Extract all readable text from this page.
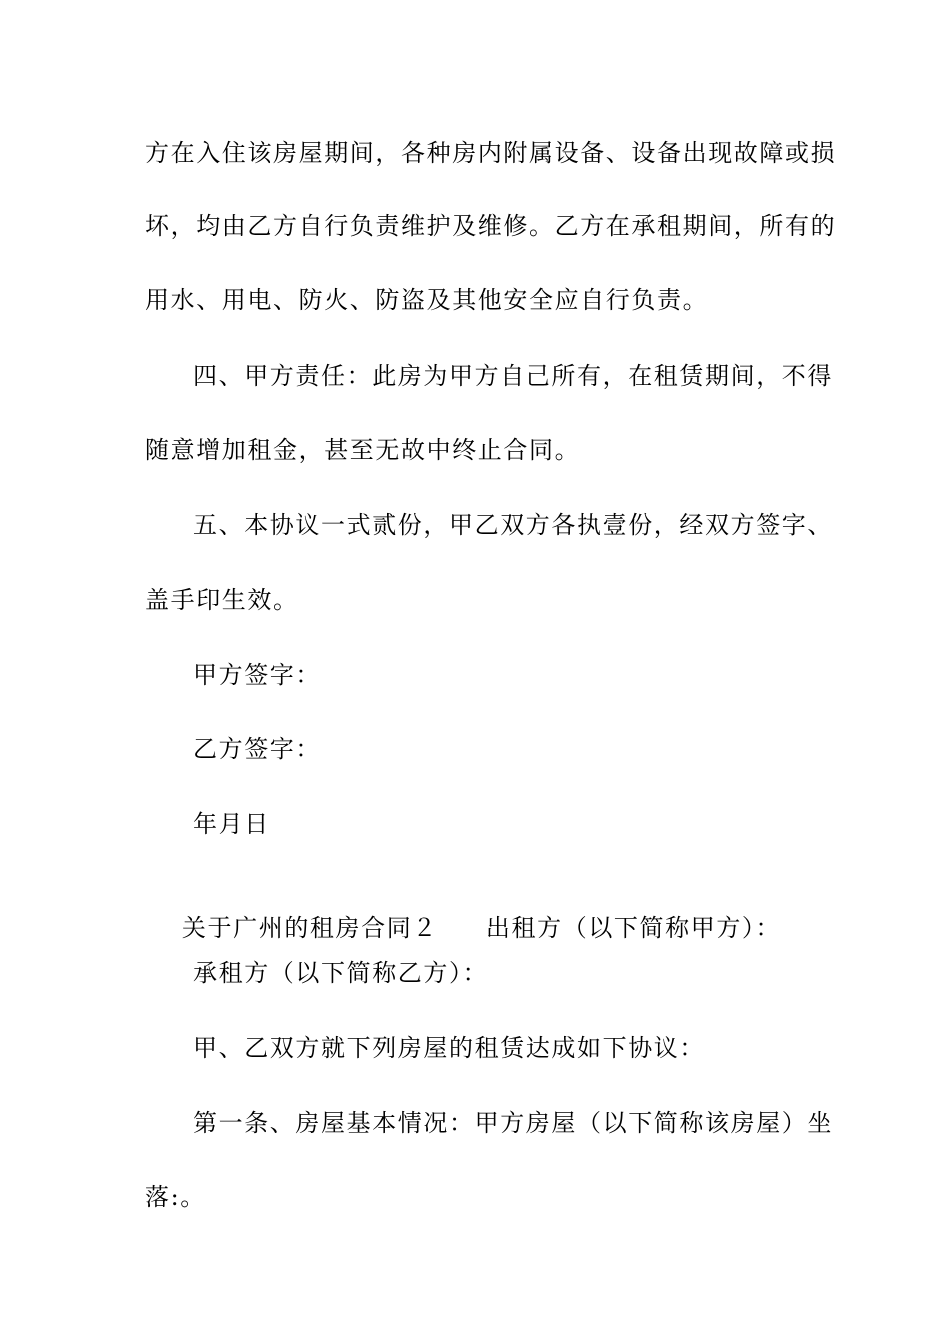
方在入住该房屋期间，各种房内附属设备、设备出现故障或损
坏，均由乙方自行负责维护及维修。乙方在承租期间，所有的
用水、用电、防火、防盗及其他安全应自行负责。
四、甲方责任：此房为甲方自己所有，在租赁期间，不得
随意增加租金，甚至无故中终止合同。
五、本协议一式贰份，甲乙双方各执壹份，经双方签字、
盖手印生效。
甲方签字：
乙方签字：
年月日

关于广州的租房合同２ 出租方（以下简称甲方）：

承租方（以下简称乙方）：
甲、乙双方就下列房屋的租赁达成如下协议：
第一条、房屋基本情况：甲方房屋（以下简称该房屋）坐
落:。
